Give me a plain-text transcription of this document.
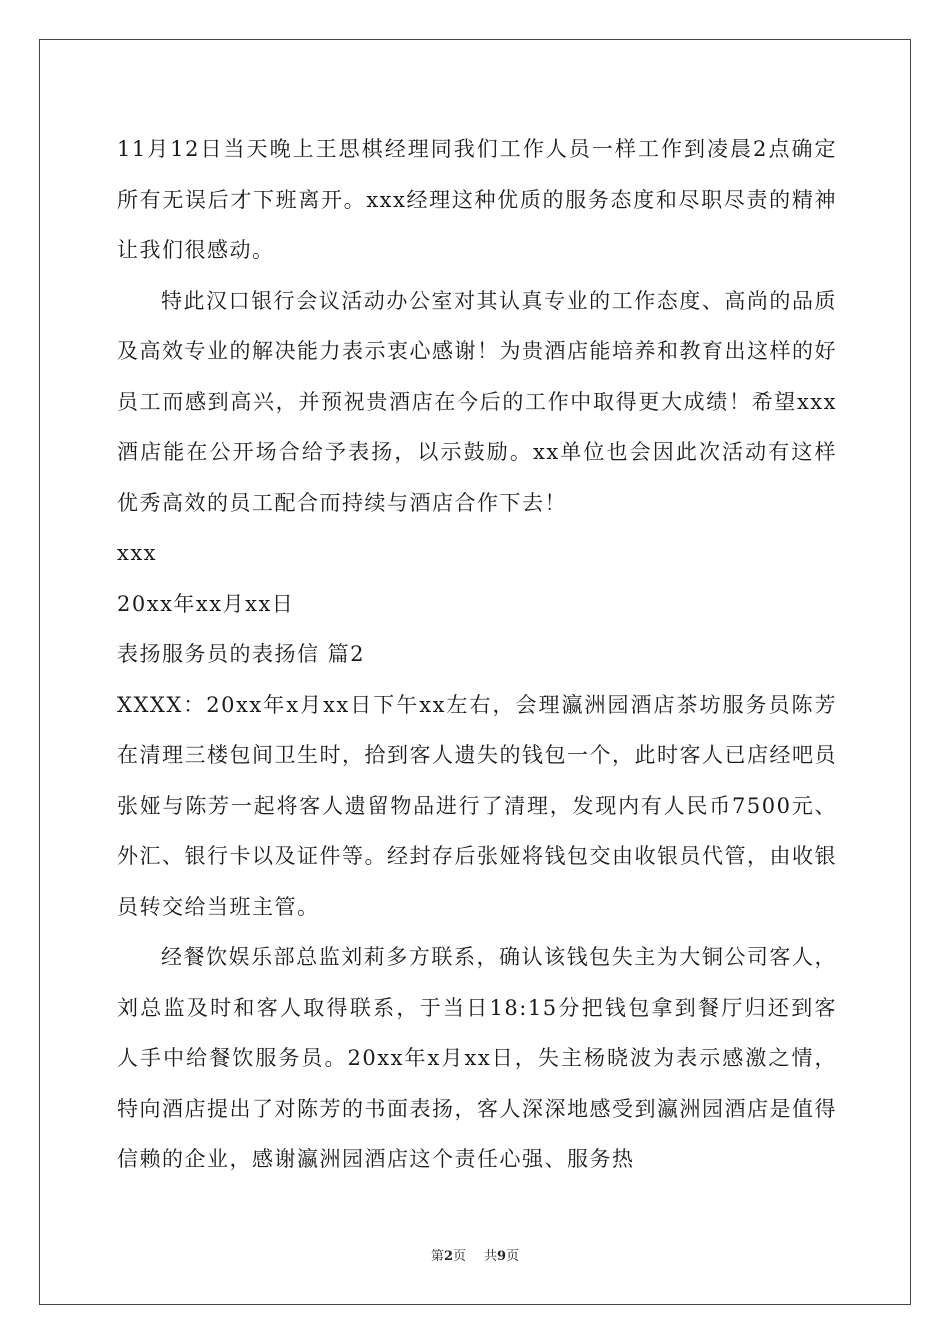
11月12日当天晚上王思棋经理同我们工作人员一样工作到凌晨2点确定所有无误后才下班离开。xxx经理这种优质的服务态度和尽职尽责的精神让我们很感动。

特此汉口银行会议活动办公室对其认真专业的工作态度、高尚的品质及高效专业的解决能力表示衷心感谢！为贵酒店能培养和教育出这样的好员工而感到高兴，并预祝贵酒店在今后的工作中取得更大成绩！希望xxx酒店能在公开场合给予表扬，以示鼓励。xx单位也会因此次活动有这样优秀高效的员工配合而持续与酒店合作下去！

xxx

20xx年xx月xx日

表扬服务员的表扬信 篇2

XXXX：20xx年x月xx日下午xx左右，会理瀛洲园酒店茶坊服务员陈芳在清理三楼包间卫生时，拾到客人遗失的钱包一个，此时客人已店经吧员张娅与陈芳一起将客人遗留物品进行了清理，发现内有人民币7500元、外汇、银行卡以及证件等。经封存后张娅将钱包交由收银员代管，由收银员转交给当班主管。

经餐饮娱乐部总监刘莉多方联系，确认该钱包失主为大铜公司客人，刘总监及时和客人取得联系，于当日18:15分把钱包拿到餐厅归还到客人手中给餐饮服务员。20xx年x月xx日，失主杨晓波为表示感激之情，特向酒店提出了对陈芳的书面表扬，客人深深地感受到瀛洲园酒店是值得信赖的企业，感谢瀛洲园酒店这个责任心强、服务热

第2页 共9页
